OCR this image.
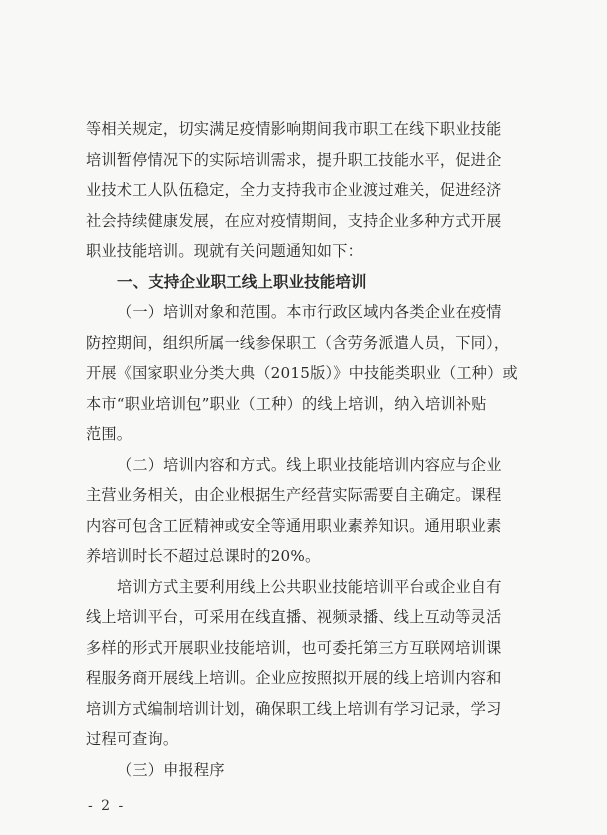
等相关规定，切实满足疫情影响期间我市职工在线下职业技能
培训暂停情况下的实际培训需求，提升职工技能水平，促进企
业技术工人队伍稳定，全力支持我市企业渡过难关，促进经济
社会持续健康发展，在应对疫情期间，支持企业多种方式开展
职业技能培训。现就有关问题通知如下：

一、支持企业职工线上职业技能培训

（一）培训对象和范围。本市行政区域内各类企业在疫情
防控期间，组织所属一线参保职工（含劳务派遣人员，下同），
开展《国家职业分类大典（2015版）》中技能类职业（工种）或
本市“职业培训包”职业（工种）的线上培训，纳入培训补贴
范围。

（二）培训内容和方式。线上职业技能培训内容应与企业
主营业务相关，由企业根据生产经营实际需要自主确定。课程
内容可包含工匠精神或安全等通用职业素养知识。通用职业素
养培训时长不超过总课时的20%。

培训方式主要利用线上公共职业技能培训平台或企业自有
线上培训平台，可采用在线直播、视频录播、线上互动等灵活
多样的形式开展职业技能培训，也可委托第三方互联网培训课
程服务商开展线上培训。企业应按照拟开展的线上培训内容和
培训方式编制培训计划，确保职工线上培训有学习记录，学习
过程可查询。

（三）申报程序

- 2 -
